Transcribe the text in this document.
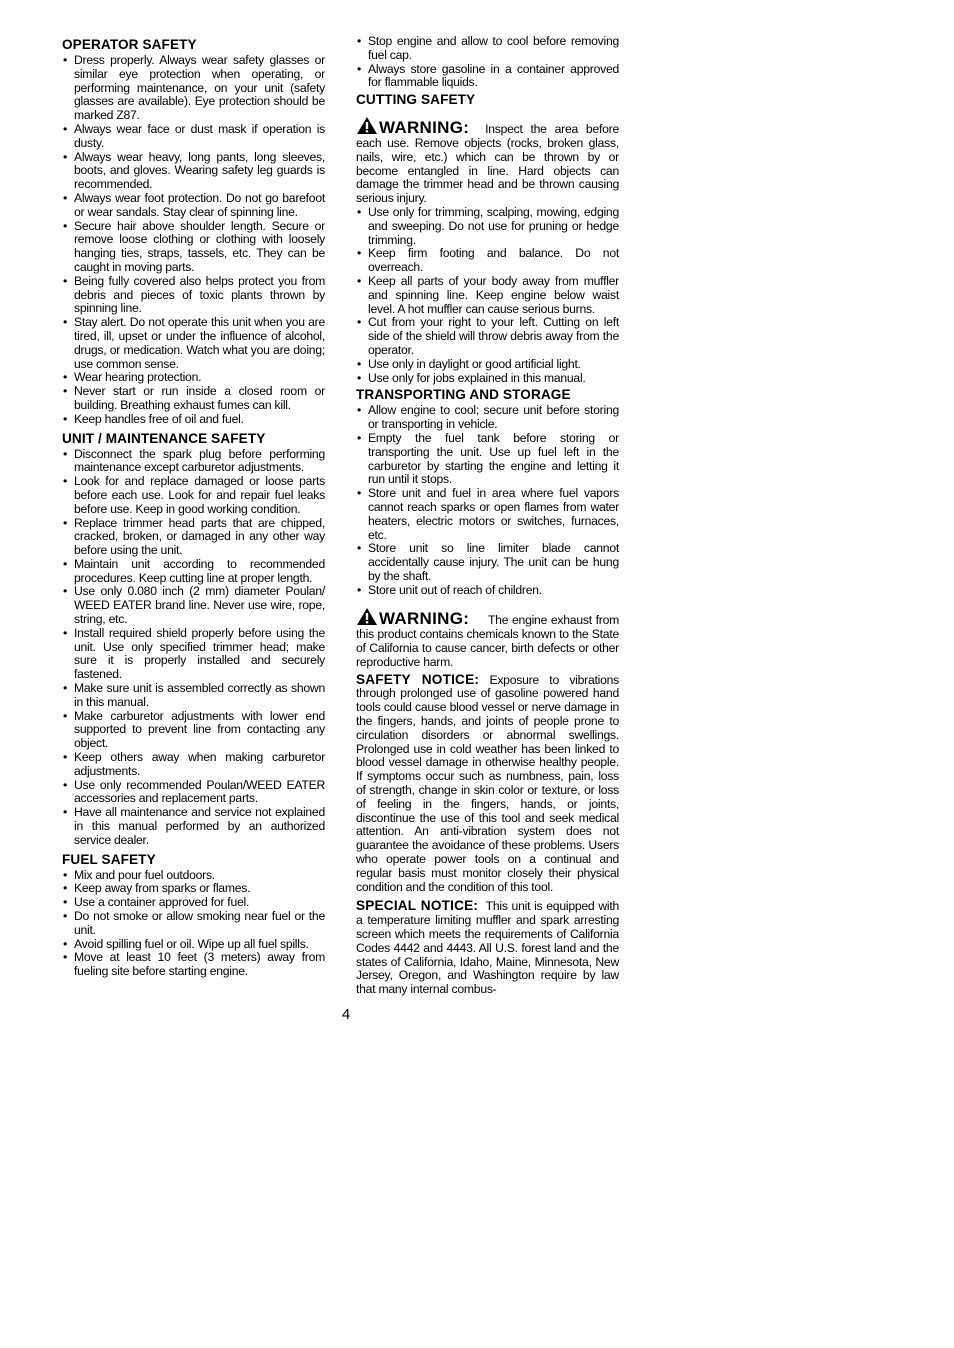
OPERATOR SAFETY
• Dress properly. Always wear safety glasses or similar eye protection when operating, or performing maintenance, on your unit (safety glasses are available). Eye protection should be marked Z87.
• Always wear face or dust mask if operation is dusty.
• Always wear heavy, long pants, long sleeves, boots, and gloves. Wearing safety leg guards is recommended.
• Always wear foot protection. Do not go barefoot or wear sandals. Stay clear of spinning line.
• Secure hair above shoulder length. Secure or remove loose clothing or clothing with loosely hanging ties, straps, tassels, etc. They can be caught in moving parts.
• Being fully covered also helps protect you from debris and pieces of toxic plants thrown by spinning line.
• Stay alert. Do not operate this unit when you are tired, ill, upset or under the influence of alcohol, drugs, or medication. Watch what you are doing; use common sense.
• Wear hearing protection.
• Never start or run inside a closed room or building. Breathing exhaust fumes can kill.
• Keep handles free of oil and fuel.
UNIT / MAINTENANCE SAFETY
• Disconnect the spark plug before performing maintenance except carburetor adjustments.
• Look for and replace damaged or loose parts before each use. Look for and repair fuel leaks before use. Keep in good working condition.
• Replace trimmer head parts that are chipped, cracked, broken, or damaged in any other way before using the unit.
• Maintain unit according to recommended procedures. Keep cutting line at proper length.
• Use only 0.080 inch (2 mm) diameter Poulan/ WEED EATER brand line. Never use wire, rope, string, etc.
• Install required shield properly before using the unit. Use only specified trimmer head; make sure it is properly installed and securely fastened.
• Make sure unit is assembled correctly as shown in this manual.
• Make carburetor adjustments with lower end supported to prevent line from contacting any object.
• Keep others away when making carburetor adjustments.
• Use only recommended Poulan/WEED EATER accessories and replacement parts.
• Have all maintenance and service not explained in this manual performed by an authorized service dealer.
FUEL SAFETY
• Mix and pour fuel outdoors.
• Keep away from sparks or flames.
• Use a container approved for fuel.
• Do not smoke or allow smoking near fuel or the unit.
• Avoid spilling fuel or oil. Wipe up all fuel spills.
• Move at least 10 feet (3 meters) away from fueling site before starting engine.
• Stop engine and allow to cool before removing fuel cap.
• Always store gasoline in a container approved for flammable liquids.
CUTTING SAFETY
WARNING: Inspect the area before each use. Remove objects (rocks, broken glass, nails, wire, etc.) which can be thrown by or become entangled in line. Hard objects can damage the trimmer head and be thrown causing serious injury.
• Use only for trimming, scalping, mowing, edging and sweeping. Do not use for pruning or hedge trimming.
• Keep firm footing and balance. Do not overreach.
• Keep all parts of your body away from muffler and spinning line. Keep engine below waist level. A hot muffler can cause serious burns.
• Cut from your right to your left. Cutting on left side of the shield will throw debris away from the operator.
• Use only in daylight or good artificial light.
• Use only for jobs explained in this manual.
TRANSPORTING AND STORAGE
• Allow engine to cool; secure unit before storing or transporting in vehicle.
• Empty the fuel tank before storing or transporting the unit. Use up fuel left in the carburetor by starting the engine and letting it run until it stops.
• Store unit and fuel in area where fuel vapors cannot reach sparks or open flames from water heaters, electric motors or switches, furnaces, etc.
• Store unit so line limiter blade cannot accidentally cause injury. The unit can be hung by the shaft.
• Store unit out of reach of children.
WARNING: The engine exhaust from this product contains chemicals known to the State of California to cause cancer, birth defects or other reproductive harm.
SAFETY NOTICE: Exposure to vibrations through prolonged use of gasoline powered hand tools could cause blood vessel or nerve damage in the fingers, hands, and joints of people prone to circulation disorders or abnormal swellings. Prolonged use in cold weather has been linked to blood vessel damage in otherwise healthy people. If symptoms occur such as numbness, pain, loss of strength, change in skin color or texture, or loss of feeling in the fingers, hands, or joints, discontinue the use of this tool and seek medical attention. An anti-vibration system does not guarantee the avoidance of these problems. Users who operate power tools on a continual and regular basis must monitor closely their physical condition and the condition of this tool.
SPECIAL NOTICE: This unit is equipped with a temperature limiting muffler and spark arresting screen which meets the requirements of California Codes 4442 and 4443. All U.S. forest land and the states of California, Idaho, Maine, Minnesota, New Jersey, Oregon, and Washington require by law that many internal combus-
4
